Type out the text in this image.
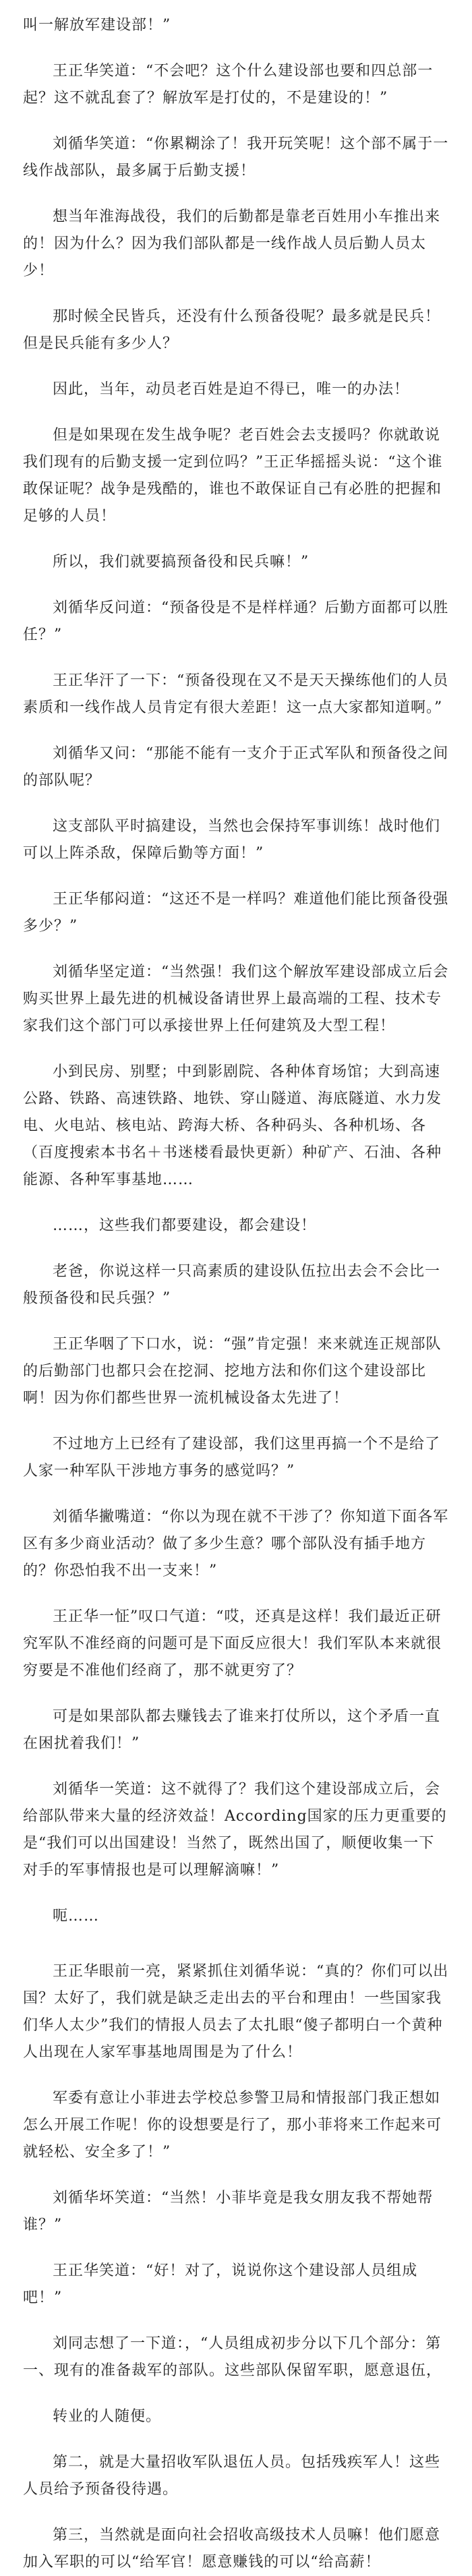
叫一解放军建设部！”

王正华笑道：“不会吧？这个什么建设部也要和四总部一起？这不就乱套了？解放军是打仗的，不是建设的！”

刘循华笑道：“你累糊涂了！我开玩笑呢！这个部不属于一线作战部队，最多属于后勤支援！

想当年淮海战役，我们的后勤都是靠老百姓用小车推出来的！因为什么？因为我们部队都是一线作战人员后勤人员太少！

那时候全民皆兵，还没有什么预备役呢？最多就是民兵！但是民兵能有多少人？

因此，当年，动员老百姓是迫不得已，唯一的办法！

但是如果现在发生战争呢？老百姓会去支援吗？你就敢说我们现有的后勤支援一定到位吗？”王正华摇摇头说：“这个谁敢保证呢？战争是残酷的，谁也不敢保证自己有必胜的把握和足够的人员！

所以，我们就要搞预备役和民兵嘛！”

刘循华反问道：“预备役是不是样样通？后勤方面都可以胜任？”

王正华汗了一下：“预备役现在又不是天天操练他们的人员素质和一线作战人员肯定有很大差距！这一点大家都知道啊。”

刘循华又问：“那能不能有一支介于正式军队和预备役之间的部队呢？

这支部队平时搞建设，当然也会保持军事训练！战时他们可以上阵杀敌，保障后勤等方面！”

王正华郁闷道：“这还不是一样吗？难道他们能比预备役强多少？”

刘循华坚定道：“当然强！我们这个解放军建设部成立后会购买世界上最先进的机械设备请世界上最高端的工程、技术专家我们这个部门可以承接世界上任何建筑及大型工程！

小到民房、别墅；中到影剧院、各种体育场馆；大到高速公路、铁路、高速铁路、地铁、穿山隧道、海底隧道、水力发电、火电站、核电站、跨海大桥、各种码头、各种机场、各（百度搜索本书名＋书迷楼看最快更新）种矿产、石油、各种能源、各种军事基地……

……，这些我们都要建设，都会建设！

老爸，你说这样一只高素质的建设队伍拉出去会不会比一般预备役和民兵强？”

王正华咽了下口水，说：“强”肯定强！来来就连正规部队的后勤部门也都只会在挖洞、挖地方法和你们这个建设部比啊！因为你们都些世界一流机械设备太先进了！

不过地方上已经有了建设部，我们这里再搞一个不是给了人家一种军队干涉地方事务的感觉吗？”

刘循华撇嘴道：“你以为现在就不干涉了？你知道下面各军区有多少商业活动？做了多少生意？哪个部队没有插手地方的？你恐怕我不出一支来！”

王正华一怔”叹口气道：“哎，还真是这样！我们最近正研究军队不准经商的问题可是下面反应很大！我们军队本来就很穷要是不准他们经商了，那不就更穷了？

可是如果部队都去赚钱去了谁来打仗所以，这个矛盾一直在困扰着我们！”

刘循华一笑道：这不就得了？我们这个建设部成立后，会给部队带来大量的经济效益！According国家的压力更重要的是“我们可以出国建设！当然了，既然出国了，顺便收集一下对手的军事情报也是可以理解滴嘛！”

呃……

王正华眼前一亮，紧紧抓住刘循华说：“真的？你们可以出国？太好了，我们就是缺乏走出去的平台和理由！一些国家我们华人太少”我们的情报人员去了太扎眼“傻子都明白一个黄种人出现在人家军事基地周围是为了什么！

军委有意让小菲进去学校总参警卫局和情报部门我正想如怎么开展工作呢！你的设想要是行了，那小菲将来工作起来可就轻松、安全多了！”

刘循华坏笑道：“当然！小菲毕竟是我女朋友我不帮她帮谁？”

王正华笑道：“好！对了，说说你这个建设部人员组成吧！”

刘同志想了一下道：，“人员组成初步分以下几个部分：第一、现有的准备裁军的部队。这些部队保留军职，愿意退伍，

转业的人随便。

第二，就是大量招收军队退伍人员。包括残疾军人！这些人员给予预备役待遇。

第三，当然就是面向社会招收高级技术人员嘛！他们愿意加入军职的可以“给军官！愿意赚钱的可以“给高薪！
